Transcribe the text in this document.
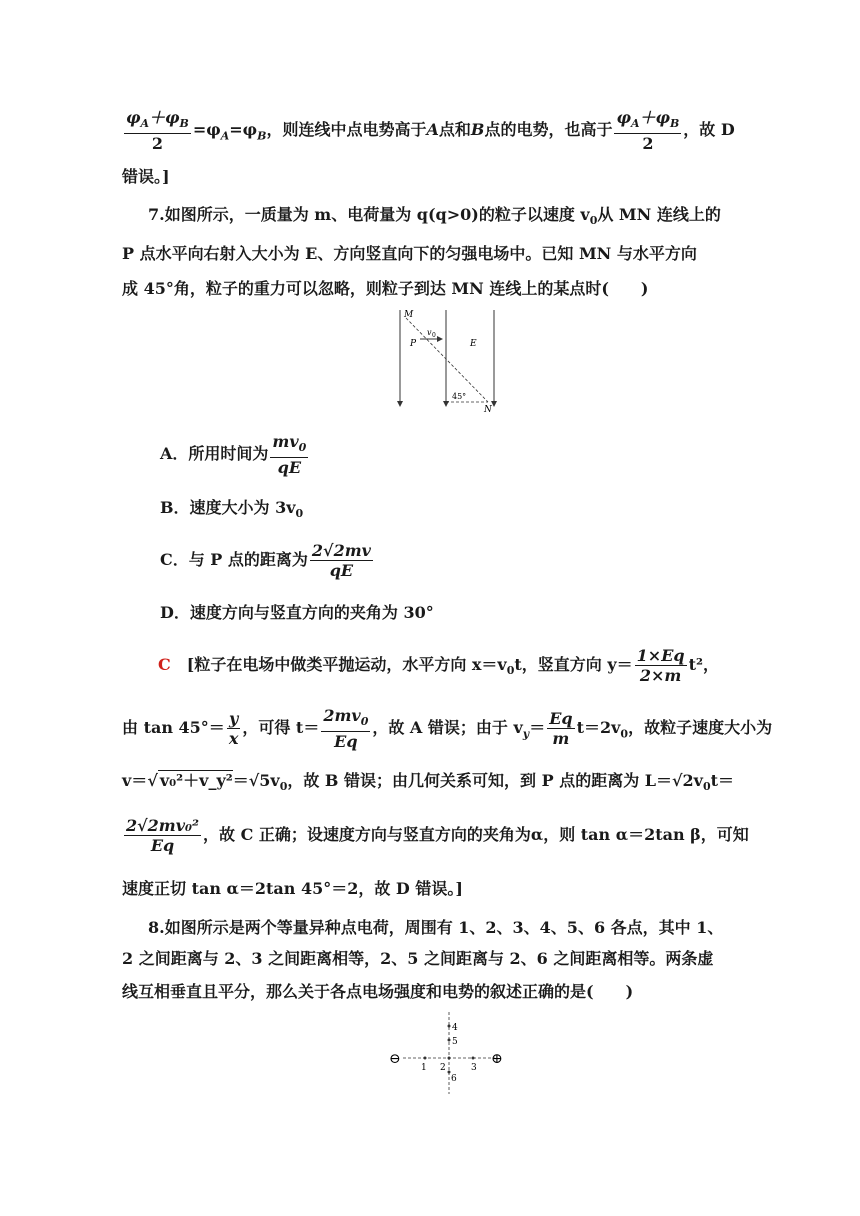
$\frac{\varphi_A+\varphi_B}{2} =\varphi_A=\varphi_B$，则连线中点电势高于A点和B点的电势，也高于 $\frac{\varphi_A+\varphi_B}{2}$ ，故 D
错误。]
7.如图所示，一质量为 m、电荷量为 q(q>0)的粒子以速度 $v_0$从 MN 连线上的
P 点水平向右射入大小为 E、方向竖直向下的匀强电场中。已知 MN 与水平方向
成 45°角，粒子的重力可以忽略，则粒子到达 MN 连线上的某点时(　　)
M
P
v 0
E
45°
N
A．所用时间为 $\frac{mv_0}{qE}$
B．速度大小为 $3v_0$
C．与 P 点的距离为 $\frac{2√2mv}{qE}$
D．速度方向与竖直方向的夹角为 30°
C　 [粒子在电场中做类平抛运动，水平方向 $x=v_0t$，竖直方向 $y= \frac{1\times Eq}{2\times m} t^2$，
由 $\tan 45^\circ= \frac{y}{x}$ ，可得 $t= \frac{2mv_0}{Eq}$ ，故 A 错误；由于 $v_y= \frac{Eq}{m} t=2v_0$，故粒子速度大小为
v＝√ $v_0^2+v\_y^2=√5v_0$，故 B 错误；由几何关系可知，到 P 点的距离为 $L=√2v_0t=$
$\frac{\text{2√2mv₀²}}{Eq}$ ，故 C 正确；设速度方向与竖直方向的夹角为α，则 tan α＝2tan β，可知
速度正切 tan α＝2tan 45°＝2，故 D 错误。]
8.如图所示是两个等量异种点电荷，周围有 1、2、3、4、5、6 各点，其中 1、
2 之间距离与 2、3 之间距离相等，2、5 之间距离与 2、6 之间距离相等。两条虚
线互相垂直且平分，那么关于各点电场强度和电势的叙述正确的是(　　)
⊖	⊕
1 2	3
4
5
6
